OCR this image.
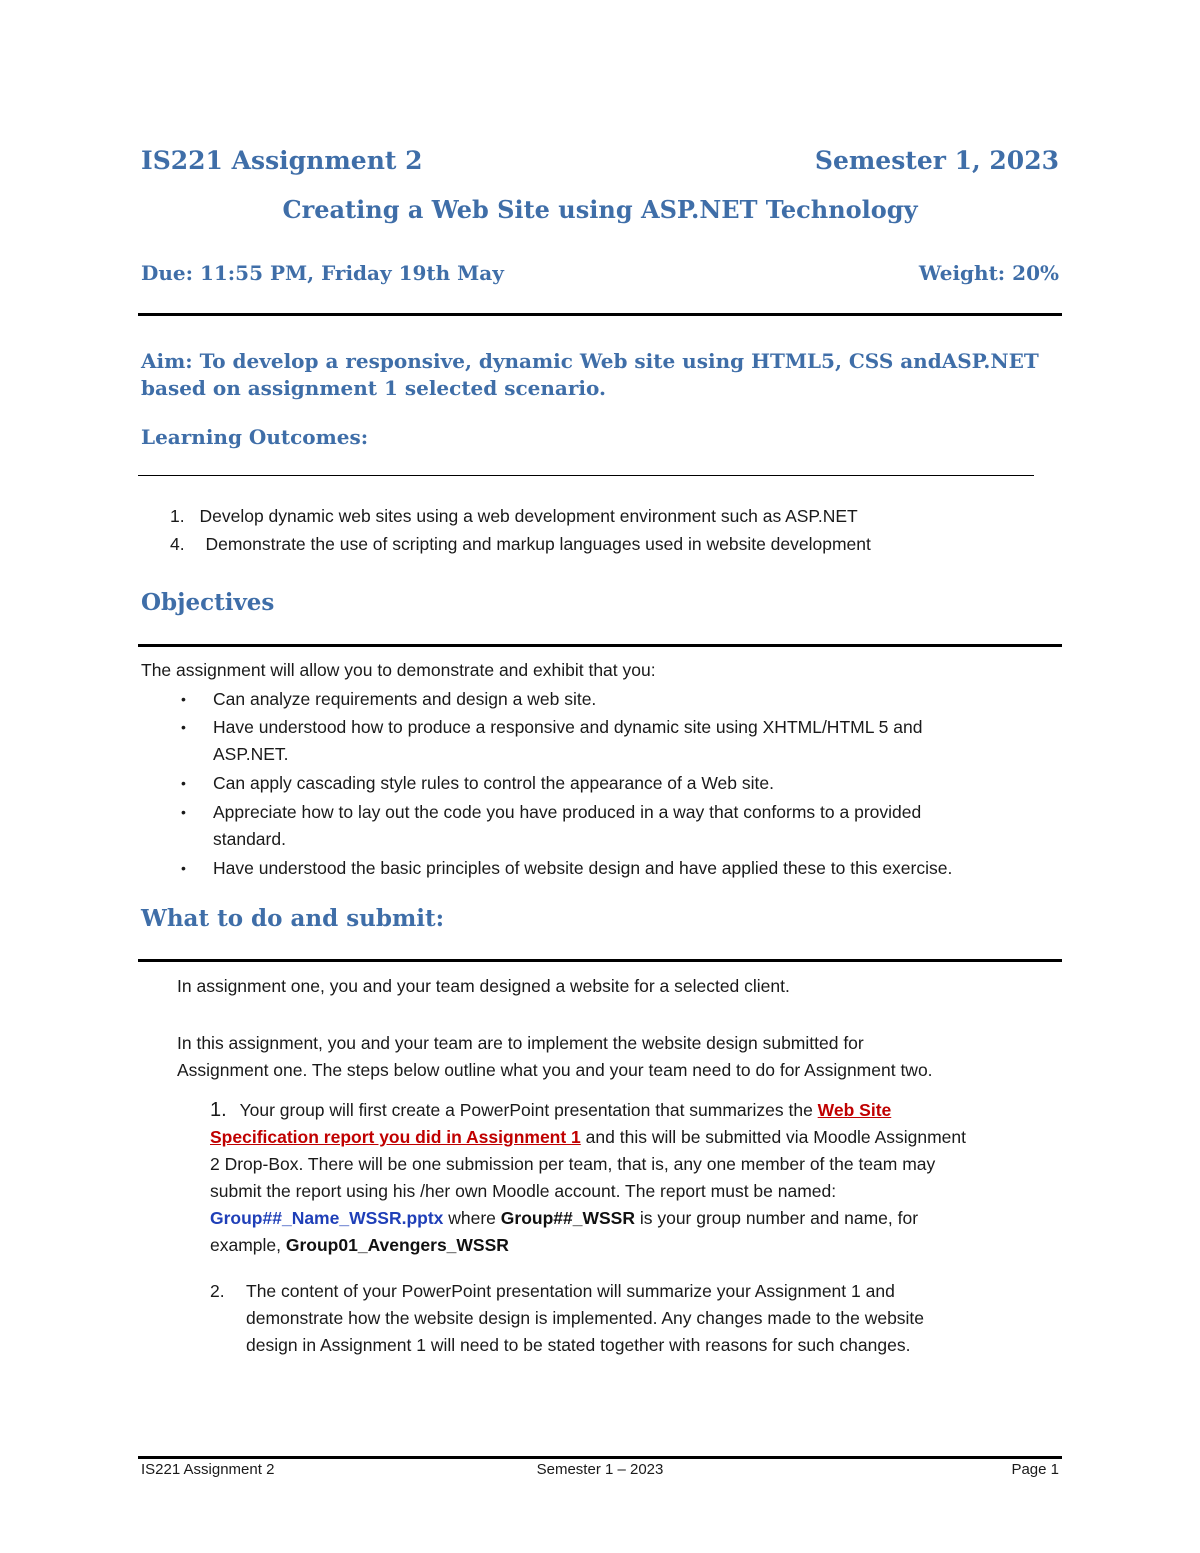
IS221 Assignment 2	Semester 1, 2023
Creating a Web Site using ASP.NET Technology
Due: 11:55 PM, Friday 19th May	Weight: 20%
Aim: To develop a responsive, dynamic Web site using HTML5, CSS andASP.NET
based on assignment 1 selected scenario.
Learning Outcomes:
1. Develop dynamic web sites using a web development environment such as ASP.NET
4. Demonstrate the use of scripting and markup languages used in website development
Objectives
The assignment will allow you to demonstrate and exhibit that you:
• Can analyze requirements and design a web site.
• Have understood how to produce a responsive and dynamic site using XHTML/HTML 5 and
ASP.NET.
• Can apply cascading style rules to control the appearance of a Web site.
• Appreciate how to lay out the code you have produced in a way that conforms to a provided
standard.
• Have understood the basic principles of website design and have applied these to this exercise.
What to do and submit:
In assignment one, you and your team designed a website for a selected client.
In this assignment, you and your team are to implement the website design submitted for
Assignment one. The steps below outline what you and your team need to do for Assignment two.
1. Your group will first create a PowerPoint presentation that summarizes the Web Site
Specification report you did in Assignment 1 and this will be submitted via Moodle Assignment
2 Drop-Box. There will be one submission per team, that is, any one member of the team may
submit the report using his /her own Moodle account. The report must be named:
Group##_Name_WSSR.pptx where Group##_WSSR is your group number and name, for
example, Group01_Avengers_WSSR
2. The content of your PowerPoint presentation will summarize your Assignment 1 and
demonstrate how the website design is implemented. Any changes made to the website
design in Assignment 1 will need to be stated together with reasons for such changes.
IS221 Assignment 2	Semester 1 – 2023	Page 1
